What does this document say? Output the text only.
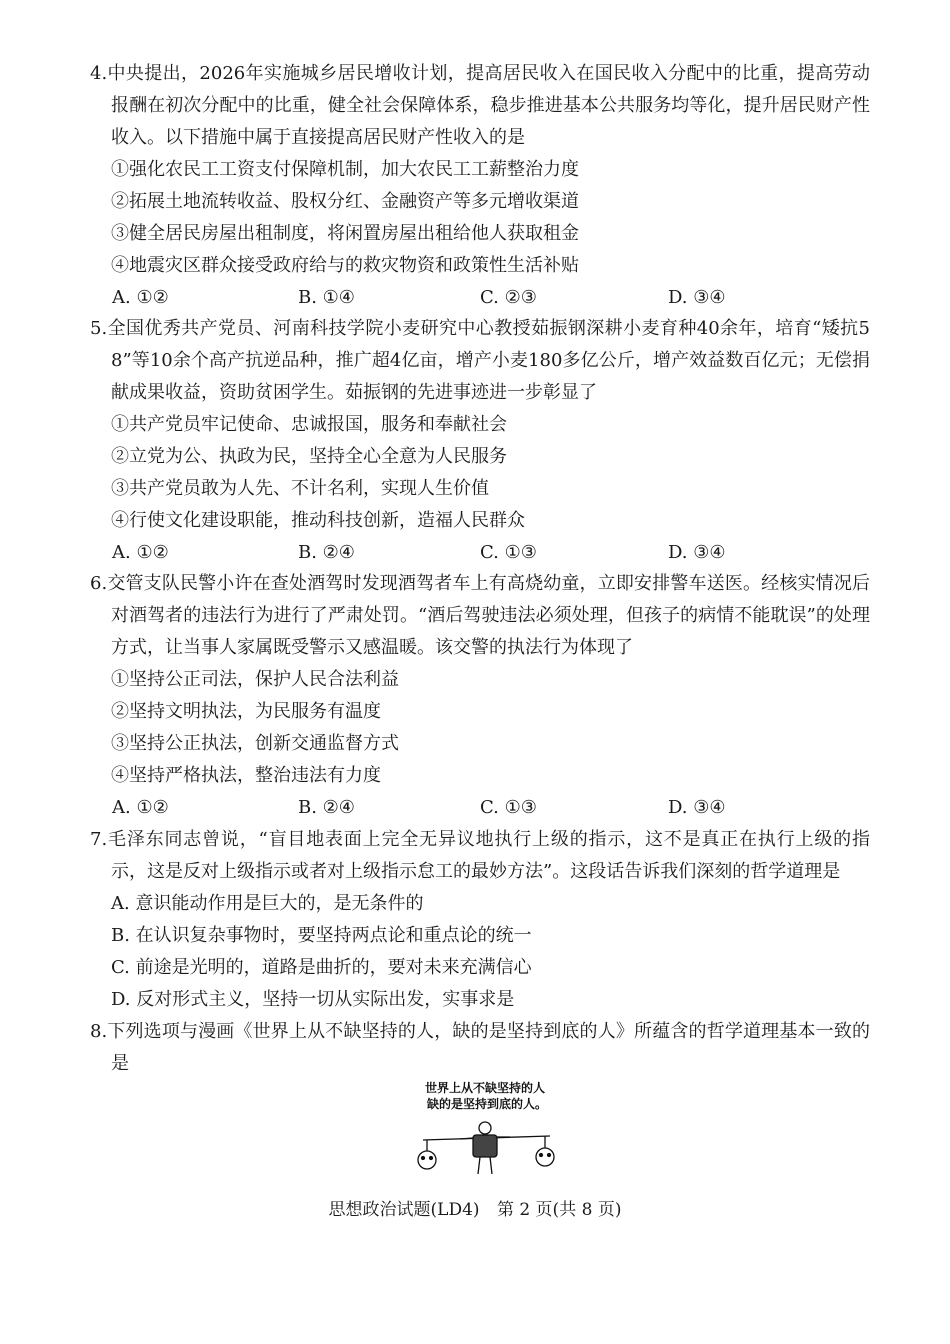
4.中央提出，2026年实施城乡居民增收计划，提高居民收入在国民收入分配中的比重，提高劳动报酬在初次分配中的比重，健全社会保障体系，稳步推进基本公共服务均等化，提升居民财产性收入。以下措施中属于直接提高居民财产性收入的是

①强化农民工工资支付保障机制，加大农民工工薪整治力度

②拓展土地流转收益、股权分红、金融资产等多元增收渠道

③健全居民房屋出租制度，将闲置房屋出租给他人获取租金

④地震灾区群众接受政府给与的救灾物资和政策性生活补贴

A. ①②	B. ①④	C. ②③	D. ③④

5.全国优秀共产党员、河南科技学院小麦研究中心教授茹振钢深耕小麦育种40余年，培育“矮抗58”等10余个高产抗逆品种，推广超4亿亩，增产小麦180多亿公斤，增产效益数百亿元；无偿捐献成果收益，资助贫困学生。茹振钢的先进事迹进一步彰显了

①共产党员牢记使命、忠诚报国，服务和奉献社会

②立党为公、执政为民，坚持全心全意为人民服务

③共产党员敢为人先、不计名利，实现人生价值

④行使文化建设职能，推动科技创新，造福人民群众

A. ①②	B. ②④	C. ①③	D. ③④

6.交管支队民警小许在查处酒驾时发现酒驾者车上有高烧幼童，立即安排警车送医。经核实情况后对酒驾者的违法行为进行了严肃处罚。“酒后驾驶违法必须处理，但孩子的病情不能耽误”的处理方式，让当事人家属既受警示又感温暖。该交警的执法行为体现了

①坚持公正司法，保护人民合法利益

②坚持文明执法，为民服务有温度

③坚持公正执法，创新交通监督方式

④坚持严格执法，整治违法有力度

A. ①②	B. ②④	C. ①③	D. ③④

7.毛泽东同志曾说，“盲目地表面上完全无异议地执行上级的指示，这不是真正在执行上级的指示，这是反对上级指示或者对上级指示怠工的最妙方法”。这段话告诉我们深刻的哲学道理是

A. 意识能动作用是巨大的，是无条件的

B. 在认识复杂事物时，要坚持两点论和重点论的统一

C. 前途是光明的，道路是曲折的，要对未来充满信心

D. 反对形式主义，坚持一切从实际出发，实事求是

8.下列选项与漫画《世界上从不缺坚持的人，缺的是坚持到底的人》所蕴含的哲学道理基本一致的是

世界上从不缺坚持的人
缺的是坚持到底的人。
思想政治试题(LD4) 第 2 页(共 8 页)
